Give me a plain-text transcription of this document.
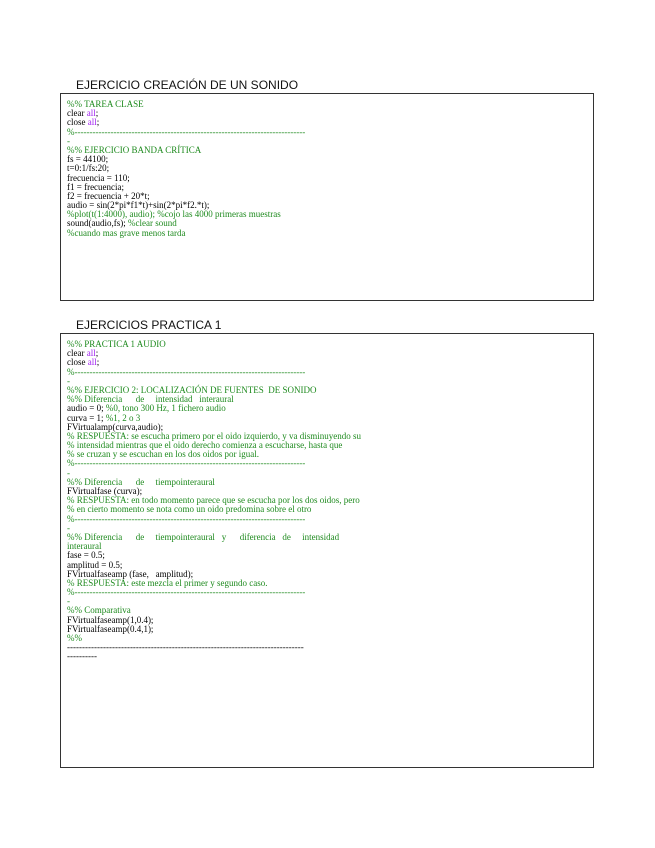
EJERCICIO CREACIÓN DE UN SONIDO
%% TAREA CLASE
clear all;
close all;
%-----------------------------------------------------------------------------
-
%% EJERCICIO BANDA CRÍTICA
fs = 44100;
t=0:1/fs:20;
frecuencia = 110;
f1 = frecuencia;
f2 = frecuencia + 20*t;
audio = sin(2*pi*f1*t)+sin(2*pi*f2.*t);
%plot(t(1:4000), audio); %cojo las 4000 primeras muestras
sound(audio,fs); %clear sound
%cuando mas grave menos tarda
EJERCICIOS PRACTICA 1
%% PRACTICA 1 AUDIO
clear all;
close all;
%-----------------------------------------------------------------------------
-
%% EJERCICIO 2: LOCALIZACIÓN DE FUENTES  DE SONIDO
%% Diferencia      de     intensidad   interaural
audio = 0; %0, tono 300 Hz, 1 fichero audio
curva = 1; %1, 2 o 3
FVirtualamp(curva,audio);
% RESPUESTA: se escucha primero por el oido izquierdo, y va disminuyendo su
% intensidad mientras que el oido derecho comienza a escucharse, hasta que
% se cruzan y se escuchan en los dos oidos por igual.
%-----------------------------------------------------------------------------
-
%% Diferencia      de     tiempointeraural
FVirtualfase (curva);
% RESPUESTA: en todo momento parece que se escucha por los dos oidos, pero
% en cierto momento se nota como un oido predomina sobre el otro
%-----------------------------------------------------------------------------
-
%% Diferencia      de     tiempointeraural   y      diferencia   de     intensidad
interaural
fase = 0.5;
amplitud = 0.5;
FVirtualfaseamp (fase,   amplitud);
% RESPUESTA: este mezcla el primer y segundo caso.
%-----------------------------------------------------------------------------
-
%% Comparativa
FVirtualfaseamp(1,0.4);
FVirtualfaseamp(0.4,1);
%%
-------------------------------------------------------------------------------
----------
